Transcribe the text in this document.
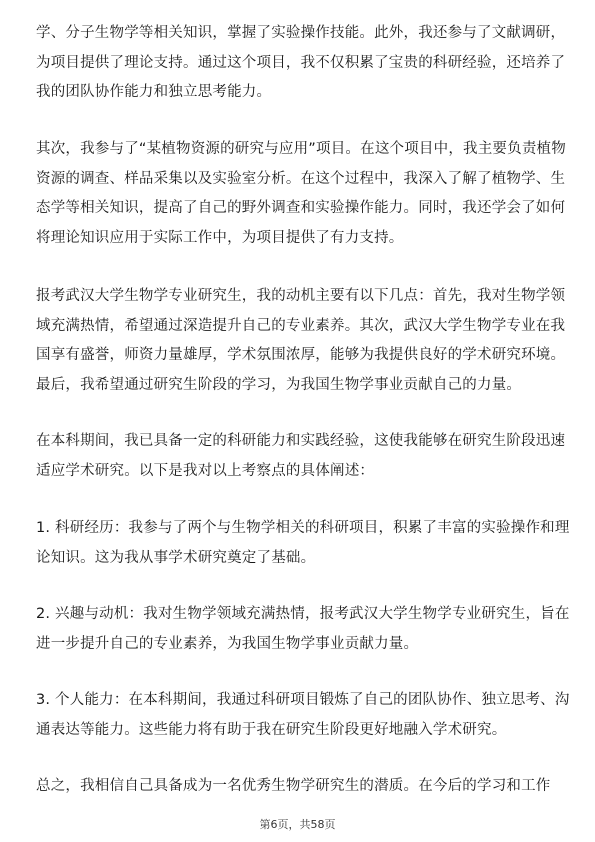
学、分子生物学等相关知识，掌握了实验操作技能。此外，我还参与了文献调研，
为项目提供了理论支持。通过这个项目，我不仅积累了宝贵的科研经验，还培养了
我的团队协作能力和独立思考能力。
其次，我参与了“某植物资源的研究与应用”项目。在这个项目中，我主要负责植物
资源的调查、样品采集以及实验室分析。在这个过程中，我深入了解了植物学、生
态学等相关知识，提高了自己的野外调查和实验操作能力。同时，我还学会了如何
将理论知识应用于实际工作中，为项目提供了有力支持。
报考武汉大学生物学专业研究生，我的动机主要有以下几点：首先，我对生物学领
域充满热情，希望通过深造提升自己的专业素养。其次，武汉大学生物学专业在我
国享有盛誉，师资力量雄厚，学术氛围浓厚，能够为我提供良好的学术研究环境。
最后，我希望通过研究生阶段的学习，为我国生物学事业贡献自己的力量。
在本科期间，我已具备一定的科研能力和实践经验，这使我能够在研究生阶段迅速
适应学术研究。以下是我对以上考察点的具体阐述：
1. 科研经历：我参与了两个与生物学相关的科研项目，积累了丰富的实验操作和理
论知识。这为我从事学术研究奠定了基础。
2. 兴趣与动机：我对生物学领域充满热情，报考武汉大学生物学专业研究生，旨在
进一步提升自己的专业素养，为我国生物学事业贡献力量。
3. 个人能力：在本科期间，我通过科研项目锻炼了自己的团队协作、独立思考、沟
通表达等能力。这些能力将有助于我在研究生阶段更好地融入学术研究。
总之，我相信自己具备成为一名优秀生物学研究生的潜质。在今后的学习和工作
第6页，共58页
